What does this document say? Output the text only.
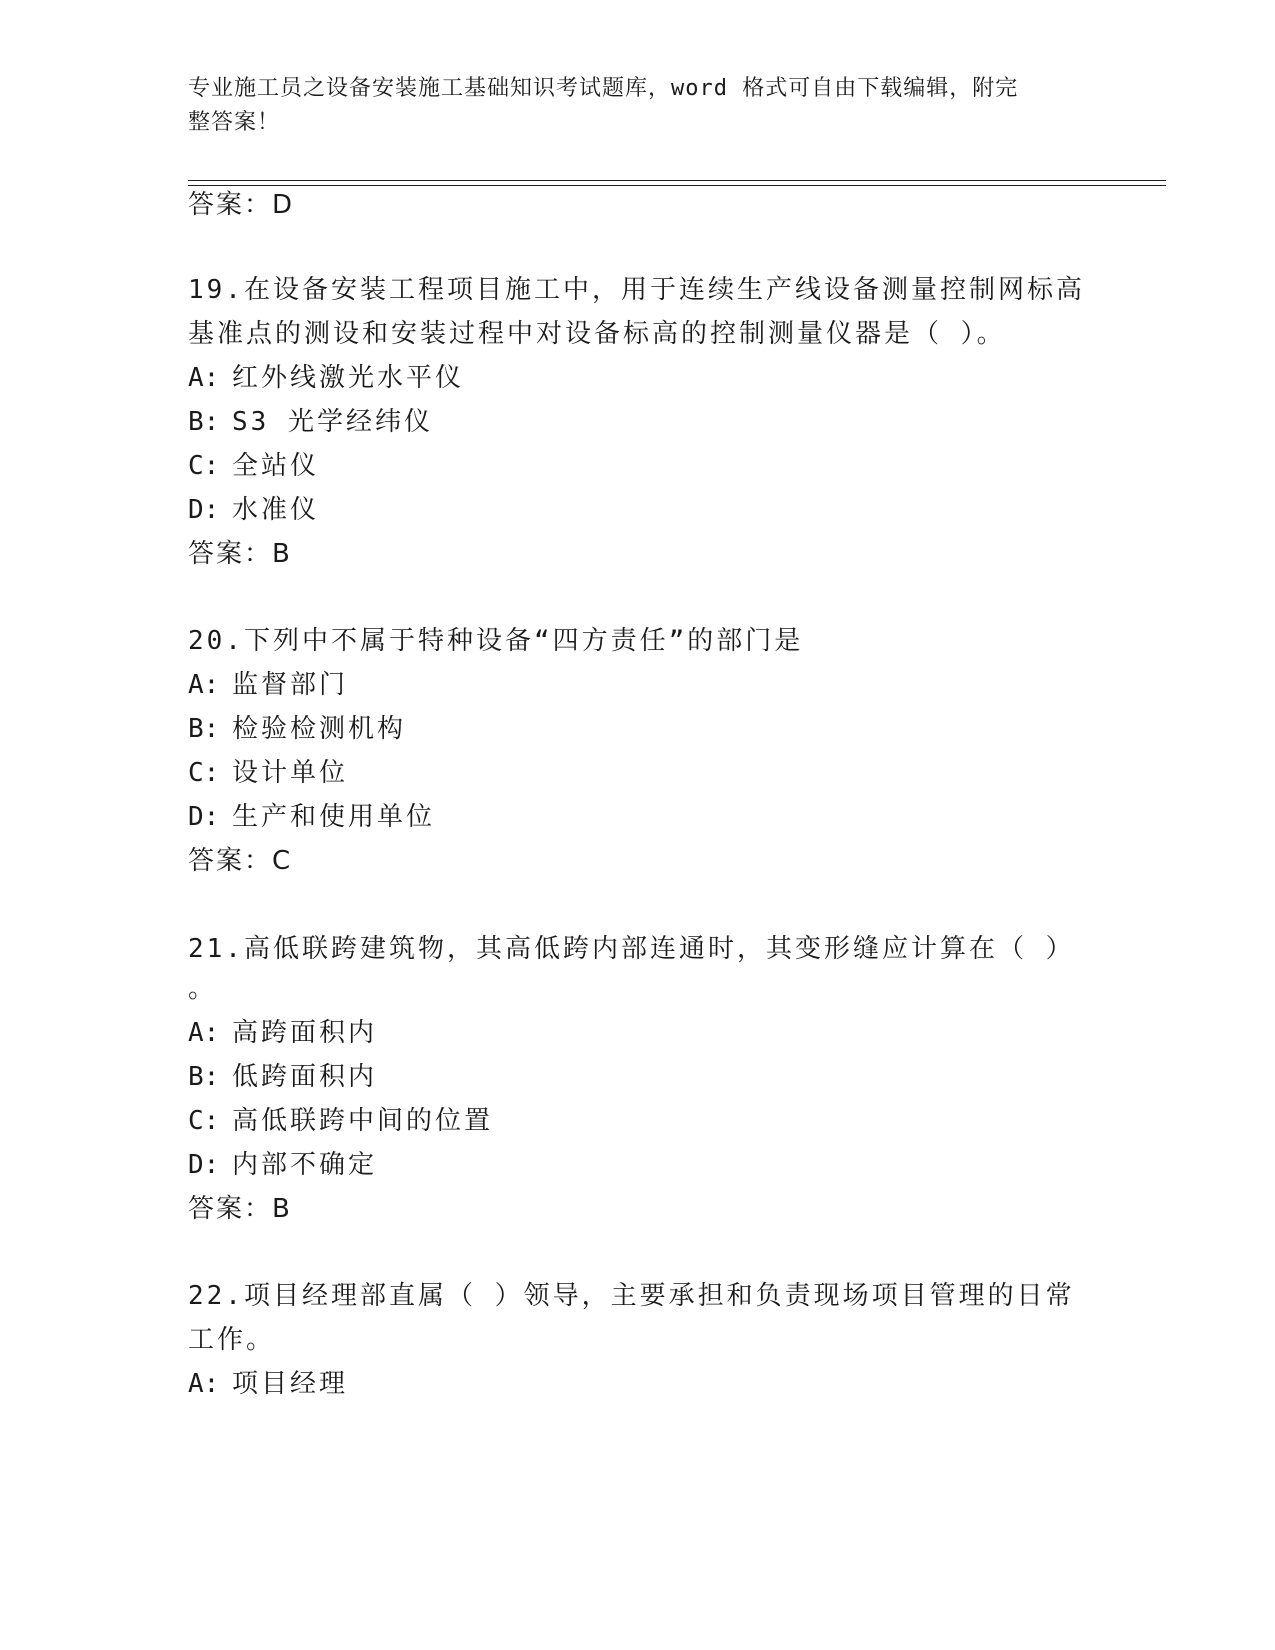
专业施工员之设备安装施工基础知识考试题库，word 格式可自由下载编辑，附完
整答案！
答案：D
19.在设备安装工程项目施工中，用于连续生产线设备测量控制网标高
基准点的测设和安装过程中对设备标高的控制测量仪器是（ ）。
A: 红外线激光水平仪
B: S3 光学经纬仪
C: 全站仪
D: 水准仪
答案：B
20.下列中不属于特种设备“四方责任”的部门是
A: 监督部门
B: 检验检测机构
C: 设计单位
D: 生产和使用单位
答案：C
21.高低联跨建筑物，其高低跨内部连通时，其变形缝应计算在（ ）
。
A: 高跨面积内
B: 低跨面积内
C: 高低联跨中间的位置
D: 内部不确定
答案：B
22.项目经理部直属（ ）领导，主要承担和负责现场项目管理的日常
工作。
A: 项目经理
